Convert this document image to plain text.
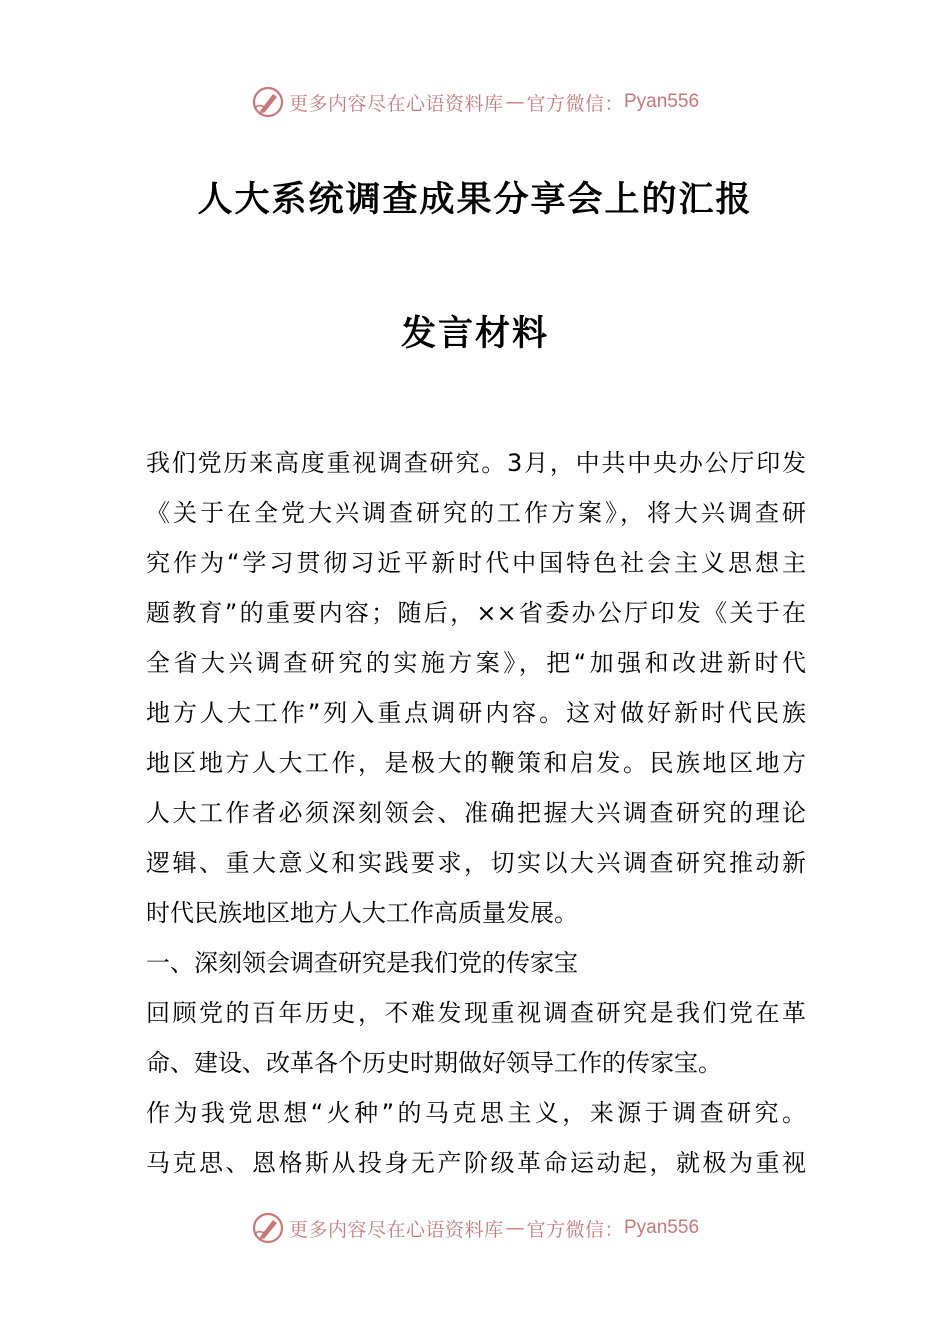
更多内容尽在心语资料库 — 官方微信： Pyan556
人大系统调查成果分享会上的汇报
发言材料
我们党历来高度重视调查研究。3月，中共中央办公厅印发
《关于在全党大兴调查研究的工作方案》，将大兴调查研
究作为“学习贯彻习近平新时代中国特色社会主义思想主
题教育”的重要内容；随后，××省委办公厅印发《关于在
全省大兴调查研究的实施方案》，把“加强和改进新时代
地方人大工作”列入重点调研内容。这对做好新时代民族
地区地方人大工作，是极大的鞭策和启发。民族地区地方
人大工作者必须深刻领会、准确把握大兴调查研究的理论
逻辑、重大意义和实践要求，切实以大兴调查研究推动新
时代民族地区地方人大工作高质量发展。
一、深刻领会调查研究是我们党的传家宝
回顾党的百年历史，不难发现重视调查研究是我们党在革
命、建设、改革各个历史时期做好领导工作的传家宝。
作为我党思想“火种”的马克思主义，来源于调查研究。
马克思、恩格斯从投身无产阶级革命运动起，就极为重视
更多内容尽在心语资料库 — 官方微信： Pyan556
